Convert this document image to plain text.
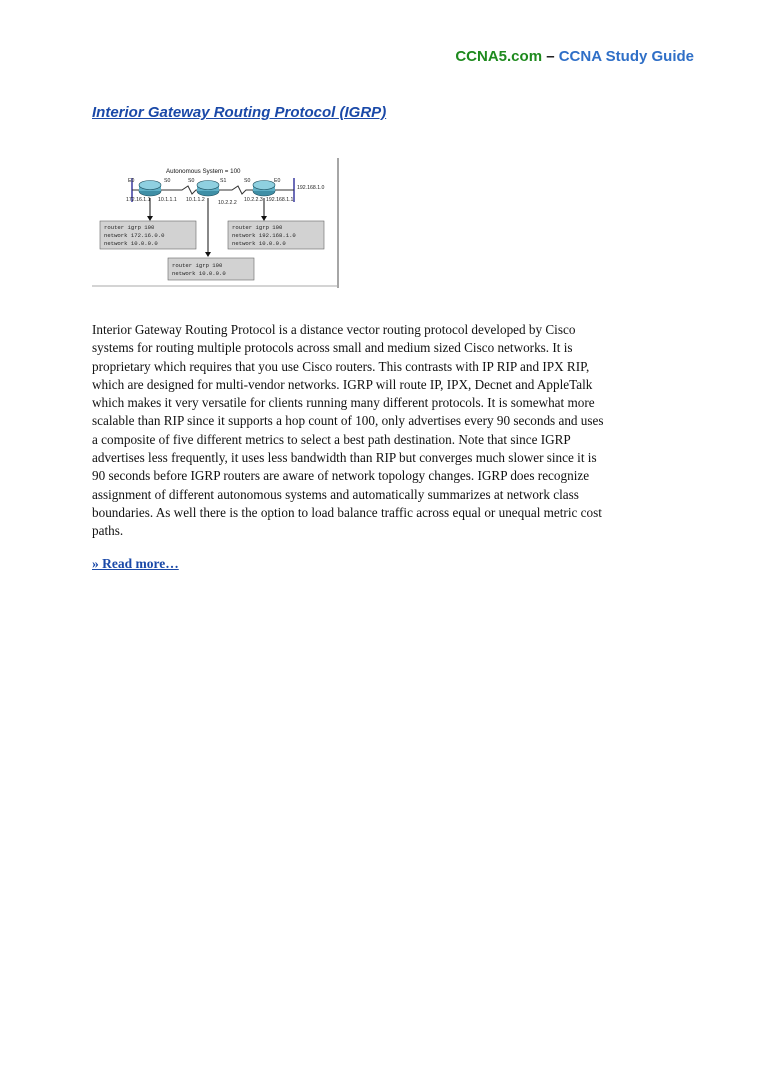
CCNA5.com – CCNA Study Guide
Interior Gateway Routing Protocol (IGRP)
Autonomous System = 100
E0	S0	S0	S1	S0	E0
172.16.1.1 10.1.1.1 10.1.1.2	10.2.2.2 10.2.2.3 192.168.1.1
192.168.1.0
router igrp 100
network 172.16.0.0
network 10.0.0.0
router igrp 100
network 192.168.1.0
network 10.0.0.0
router igrp 100
network 10.0.0.0

Interior Gateway Routing Protocol is a distance vector routing protocol developed by Cisco
systems for routing multiple protocols across small and medium sized Cisco networks. It is
proprietary which requires that you use Cisco routers. This contrasts with IP RIP and IPX RIP,
which are designed for multi-vendor networks. IGRP will route IP, IPX, Decnet and AppleTalk
which makes it very versatile for clients running many different protocols. It is somewhat more
scalable than RIP since it supports a hop count of 100, only advertises every 90 seconds and uses
a composite of five different metrics to select a best path destination. Note that since IGRP
advertises less frequently, it uses less bandwidth than RIP but converges much slower since it is
90 seconds before IGRP routers are aware of network topology changes. IGRP does recognize
assignment of different autonomous systems and automatically summarizes at network class
boundaries. As well there is the option to load balance traffic across equal or unequal metric cost
paths.

» Read more…
